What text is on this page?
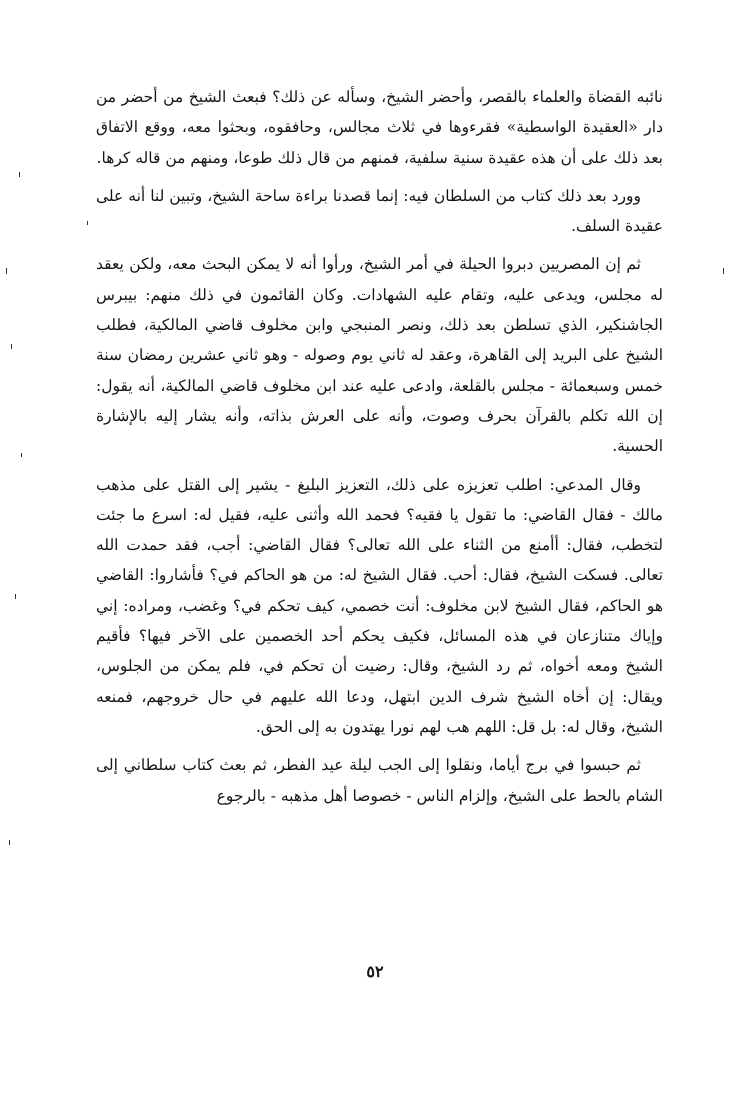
نائبه القضاة والعلماء بالقصر، وأحضر الشيخ، وسأله عن ذلك؟ فبعث الشيخ من أحضر من دار «العقيدة الواسطية» فقرءوها في ثلاث مجالس، وحافقوه، وبحثوا معه، ووقع الاتفاق بعد ذلك على أن هذه عقيدة سنية سلفية، فمنهم من قال ذلك طوعا، ومنهم من قاله كرها.

وورد بعد ذلك كتاب من السلطان فيه: إنما قصدنا براءة ساحة الشيخ، وتبين لنا أنه على عقيدة السلف.

ثم إن المصريين دبروا الحيلة في أمر الشيخ، ورأوا أنه لا يمكن البحث معه، ولكن يعقد له مجلس، ويدعى عليه، وتقام عليه الشهادات. وكان القائمون في ذلك منهم: بيبرس الجاشنكير، الذي تسلطن بعد ذلك، ونصر المنبجي وابن مخلوف قاضي المالكية، فطلب الشيخ على البريد إلى القاهرة، وعقد له ثاني يوم وصوله - وهو ثاني عشرين رمضان سنة خمس وسبعمائة - مجلس بالقلعة، وادعى عليه عند ابن مخلوف قاضي المالكية، أنه يقول: إن الله تكلم بالقرآن بحرف وصوت، وأنه على العرش بذاته، وأنه يشار إليه بالإشارة الحسية.

وقال المدعي: اطلب تعزيزه على ذلك، التعزيز البليغ - يشير إلى القتل على مذهب مالك - فقال القاضي: ما تقول يا فقيه؟ فحمد الله وأثنى عليه، فقيل له: اسرع ما جئت لتخطب، فقال: أأمنع من الثناء على الله تعالى؟ فقال القاضي: أجب، فقد حمدت الله تعالى. فسكت الشيخ، فقال: أحب. فقال الشيخ له: من هو الحاكم في؟ فأشاروا: القاضي هو الحاكم، فقال الشيخ لابن مخلوف: أنت خصمي، كيف تحكم في؟ وغضب، ومراده: إني وإياك متنازعان في هذه المسائل، فكيف يحكم أحد الخصمين على الآخر فيها؟ فأقيم الشيخ ومعه أخواه، ثم رد الشيخ، وقال: رضيت أن تحكم في، فلم يمكن من الجلوس، ويقال: إن أخاه الشيخ شرف الدين ابتهل، ودعا الله عليهم في حال خروجهم، فمنعه الشيخ، وقال له: بل قل: اللهم هب لهم نورا يهتدون به إلى الحق.

ثم حبسوا في برج أياما، ونقلوا إلى الجب ليلة عيد الفطر، ثم بعث كتاب سلطاني إلى الشام بالحط على الشيخ، وإلزام الناس - خصوصا أهل مذهبه - بالرجوع

٥٢
